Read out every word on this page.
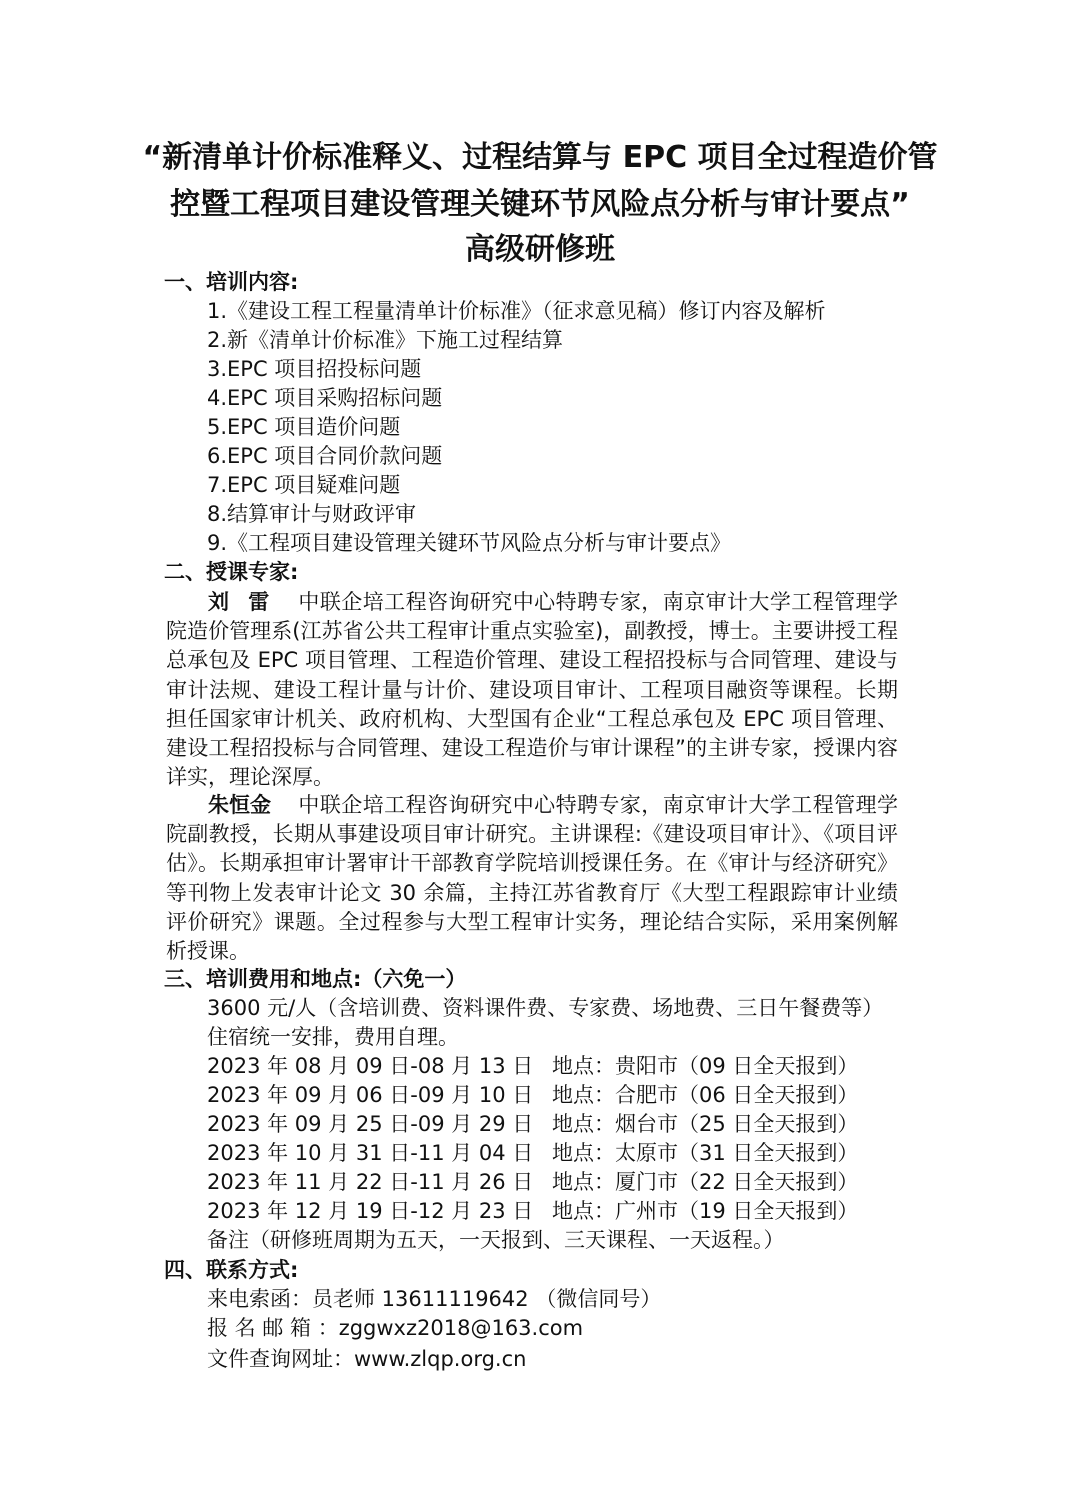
“新清单计价标准释义、过程结算与 EPC 项目全过程造价管
控暨工程项目建设管理关键环节风险点分析与审计要点”
高级研修班
一、培训内容:
1.《建设工程工程量清单计价标准》（征求意见稿）修订内容及解析
2.新《清单计价标准》下施工过程结算
3.EPC 项目招投标问题
4.EPC 项目采购招标问题
5.EPC 项目造价问题
6.EPC 项目合同价款问题
7.EPC 项目疑难问题
8.结算审计与财政评审
9.《工程项目建设管理关键环节风险点分析与审计要点》
二、授课专家:
刘 雷 中联企培工程咨询研究中心特聘专家，南京审计大学工程管理学院造价管理系(江苏省公共工程审计重点实验室)，副教授，博士。主要讲授工程总承包及 EPC 项目管理、工程造价管理、建设工程招投标与合同管理、建设与审计法规、建设工程计量与计价、建设项目审计、工程项目融资等课程。长期担任国家审计机关、政府机构、大型国有企业“工程总承包及 EPC 项目管理、建设工程招投标与合同管理、建设工程造价与审计课程”的主讲专家，授课内容详实，理论深厚。
朱恒金 中联企培工程咨询研究中心特聘专家，南京审计大学工程管理学院副教授，长期从事建设项目审计研究。主讲课程:《建设项目审计》、《项目评估》。长期承担审计署审计干部教育学院培训授课任务。在《审计与经济研究》等刊物上发表审计论文 30 余篇，主持江苏省教育厅《大型工程跟踪审计业绩评价研究》课题。全过程参与大型工程审计实务，理论结合实际，采用案例解析授课。
三、培训费用和地点:（六免一）
3600 元/人（含培训费、资料课件费、专家费、场地费、三日午餐费等）
住宿统一安排，费用自理。
2023 年 08 月 09 日-08 月 13 日 地点：贵阳市（09 日全天报到）
2023 年 09 月 06 日-09 月 10 日 地点：合肥市（06 日全天报到）
2023 年 09 月 25 日-09 月 29 日 地点：烟台市（25 日全天报到）
2023 年 10 月 31 日-11 月 04 日 地点：太原市（31 日全天报到）
2023 年 11 月 22 日-11 月 26 日 地点：厦门市（22 日全天报到）
2023 年 12 月 19 日-12 月 23 日 地点：广州市（19 日全天报到）
备注（研修班周期为五天，一天报到、三天课程、一天返程。）
四、联系方式:
来电索函：员老师 13611119642 （微信同号）
报 名 邮 箱 ：zggwxz2018@163.com
文件查询网址：www.zlqp.org.cn
